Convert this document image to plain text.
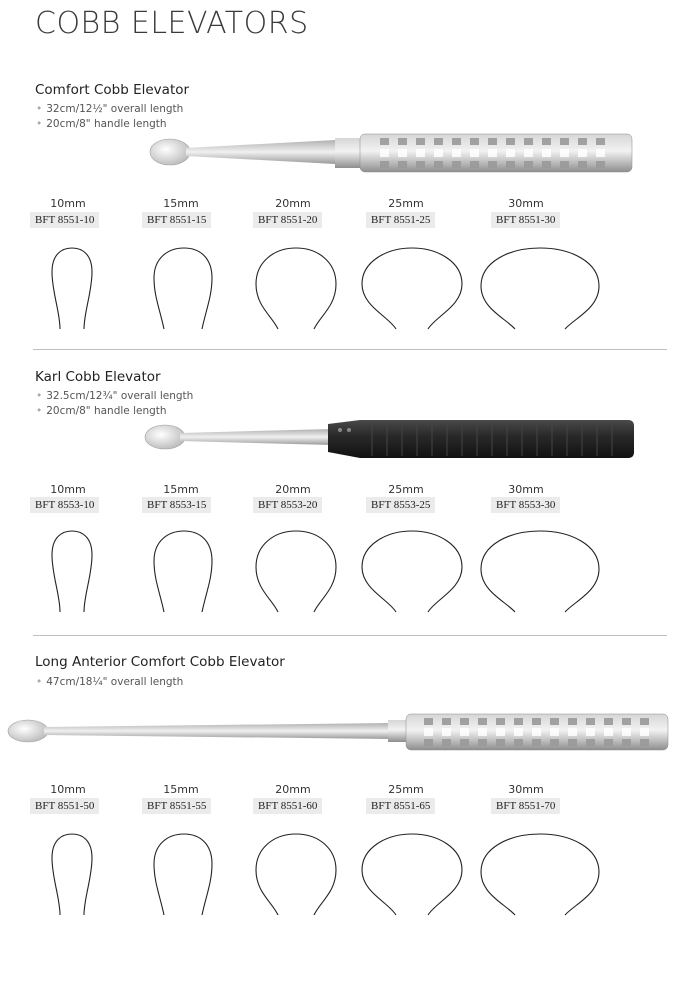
COBB ELEVATORS
Comfort Cobb Elevator
• 32cm/12½" overall length
• 20cm/8" handle length
10mm	15mm	20mm	25mm	30mm
BFT 8551-10	BFT 8551-15	BFT 8551-20	BFT 8551-25	BFT 8551-30
Karl Cobb Elevator
• 32.5cm/12¾" overall length
• 20cm/8" handle length
10mm	15mm	20mm	25mm	30mm
BFT 8553-10	BFT 8553-15	BFT 8553-20	BFT 8553-25	BFT 8553-30
Long Anterior Comfort Cobb Elevator
• 47cm/18¼" overall length
10mm	15mm	20mm	25mm	30mm
BFT 8551-50	BFT 8551-55	BFT 8551-60	BFT 8551-65	BFT 8551-70
